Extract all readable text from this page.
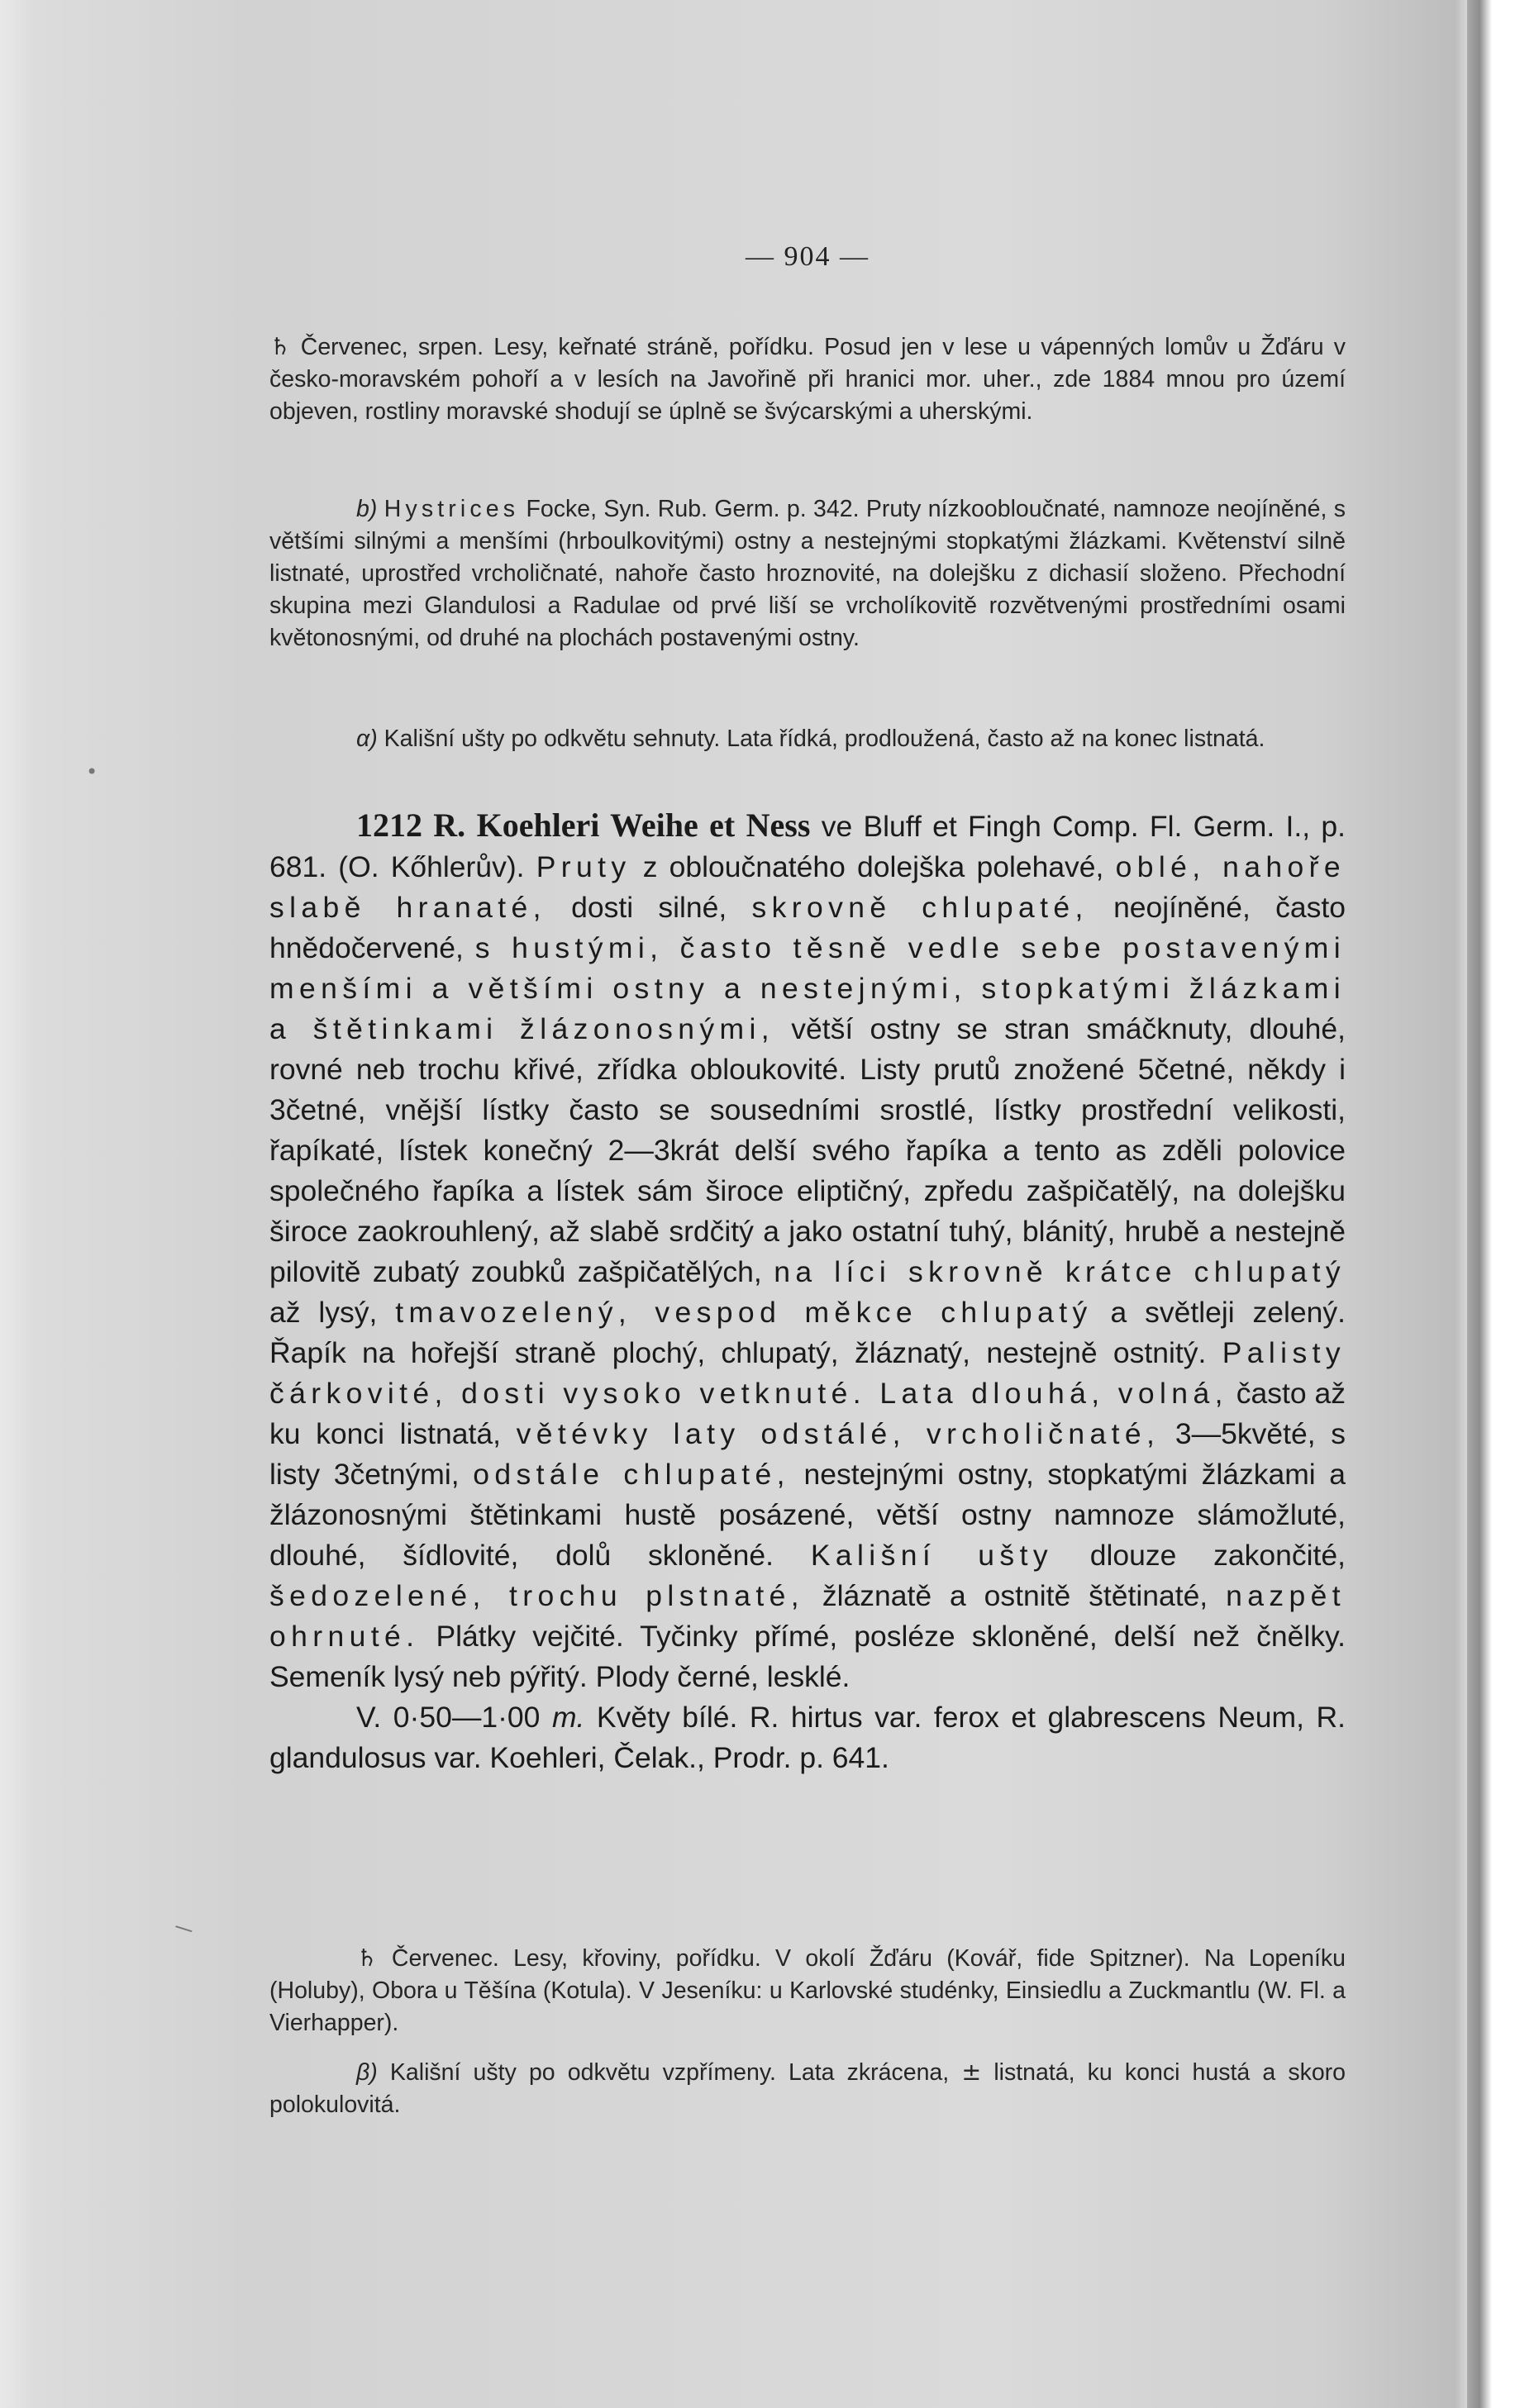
— 904 —

♄ Červenec, srpen. Lesy, keřnaté stráně, pořídku. Posud jen v lese u vápenných lomův u Žďáru v česko-moravském pohoří a v lesích na Javořině při hranici mor. uher., zde 1884 mnou pro území objeven, rostliny moravské shodují se úplně se švýcarskými a uherskými.

b) Hystrices Focke, Syn. Rub. Germ. p. 342. Pruty nízkoobloučnaté, namnoze neojíněné, s většími silnými a menšími (hrboulkovitými) ostny a nestejnými stopkatými žlázkami. Květenství silně listnaté, uprostřed vrcholičnaté, nahoře často hroznovité, na dolejšku z dichasií složeno. Přechodní skupina mezi Glandulosi a Radulae od prvé liší se vrcholíkovitě rozvětvenými prostředními osami květonosnými, od druhé na plochách postavenými ostny.

α) Kališní ušty po odkvětu sehnuty. Lata řídká, prodloužená, často až na konec listnatá.

1212 R. Koehleri Weihe et Ness ve Bluff et Fingh Comp. Fl. Germ. I., p. 681. (O. Kőhlerův). Pruty z obloučnatého dolejška polehavé, oblé, nahoře slabě hranaté, dosti silné, skrovně chlupaté, neojíněné, často hnědočervené, s hustými, často těsně vedle sebe postavenými menšími a většími ostny a nestejnými, stopkatými žlázkami a štětinkami žlázonosnými, větší ostny se stran smáčknuty, dlouhé, rovné neb trochu křivé, zřídka obloukovité. Listy prutů znožené 5četné, někdy i 3četné, vnější lístky často se sousedními srostlé, lístky prostřední velikosti, řapíkaté, lístek konečný 2—3krát delší svého řapíka a tento as zděli polovice společného řapíka a lístek sám široce eliptičný, zpředu zašpičatělý, na dolejšku široce zaokrouhlený, až slabě srdčitý a jako ostatní tuhý, blánitý, hrubě a nestejně pilovitě zubatý zoubků zašpičatělých, na líci skrovně krátce chlupatý až lysý, tmavozelený, vespod měkce chlupatý a světleji zelený. Řapík na hořejší straně plochý, chlupatý, žláznatý, nestejně ostnitý. Palisty čárkovité, dosti vysoko vetknuté. Lata dlouhá, volná, často až ku konci listnatá, větévky laty odstálé, vrcholičnaté, 3—5květé, s listy 3četnými, odstále chlupaté, nestejnými ostny, stopkatými žlázkami a žlázonosnými štětinkami hustě posázené, větší ostny namnoze slámožluté, dlouhé, šídlovité, dolů skloněné. Kališní ušty dlouze zakončité, šedozelené, trochu plstnaté, žláznatě a ostnitě štětinaté, nazpět ohrnuté. Plátky vejčité. Tyčinky přímé, posléze skloněné, delší než čnělky. Semeník lysý neb pýřitý. Plody černé, lesklé.

V. 0·50—1·00 m. Květy bílé. R. hirtus var. ferox et glabrescens Neum, R. glandulosus var. Koehleri, Čelak., Prodr. p. 641.

♄ Červenec. Lesy, křoviny, pořídku. V okolí Žďáru (Kovář, fide Spitzner). Na Lopeníku (Holuby), Obora u Těšína (Kotula). V Jeseníku: u Karlovské studénky, Einsiedlu a Zuckmantlu (W. Fl. a Vierhapper).

β) Kališní ušty po odkvětu vzpřímeny. Lata zkrácena, ± listnatá, ku konci hustá a skoro polokulovitá.

•
\
